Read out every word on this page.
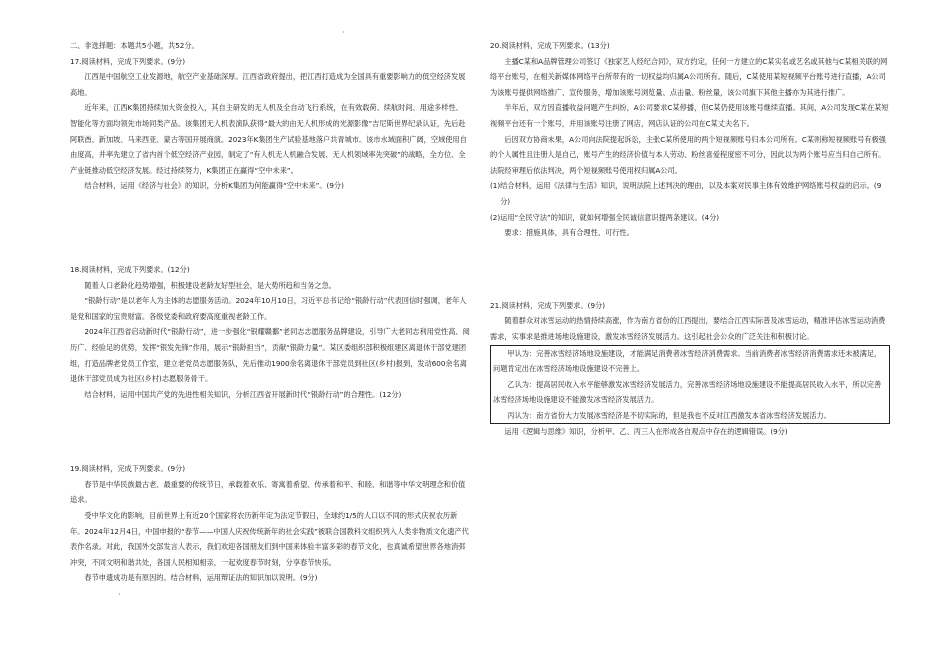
·
·

二、非选择题：本题共5小题，共52分。

17.阅读材料，完成下列要求。(9分)

江西是中国航空工业发源地，航空产业基础深厚。江西省政府提出，把江西打造成为全国具有重要影响力的低空经济发展高地。

近年来，江西K集团持续加大资金投入，其自主研发的无人机及全自动飞行系统，在有效载荷、续航时间、用途多样性、智能化等方面均领先市场同类产品。该集团无人机表演队获得“最大的由无人机形成的光源影像”吉尼斯世界纪录认证，先后赴阿联酋、新加坡、马来西亚、蒙古等国开展商演。2023年K集团生产试验基地落户共青城市。该市水域面积广阔，空域使用自由度高，并率先建立了省内首个低空经济产业园，制定了“有人机无人机融合发展、无人机领域率先突破”的战略，全方位、全产业链推动低空经济发展。经过持续努力，K集团正在赢得“空中未来”。

结合材料，运用《经济与社会》的知识，分析K集团为何能赢得“空中未来”。(9分)

18.阅读材料，完成下列要求。(12分)

随着人口老龄化趋势增强，积极建设老龄友好型社会，是大势所趋和当务之急。

“银龄行动”是以老年人为主体的志愿服务活动。2024年10月10日，习近平总书记给“银龄行动”代表回信时强调，老年人是党和国家的宝贵财富。各级党委和政府要高度重视老龄工作。

2024年江西省启动新时代“银龄行动”，进一步强化“银耀赣鄱”老同志志愿服务品牌建设，引导广大老同志利用党性高、阅历广、经验足的优势，发挥“银发先锋”作用，展示“银龄担当”，贡献“银龄力量”。某区委组织部积极组建区离退休干部党建团组，打造品牌老党员工作室，建立老党员志愿服务队，先后推动1900余名离退休干部党员到社区(乡村)报到，发动600余名离退休干部党员成为社区(乡村)志愿服务骨干。

结合材料，运用中国共产党的先进性相关知识，分析江西省开展新时代“银龄行动”的合理性。(12分)

19.阅读材料，完成下列要求。(9分)

春节是中华民族最古老、最重要的传统节日，承载着欢乐、寄寓着希望、传承着和平、和睦、和谐等中华文明理念和价值追求。

受中华文化的影响，目前世界上有近20个国家将农历新年定为法定节假日，全球约1/5的人口以不同的形式庆祝农历新年。2024年12月4日，中国申报的“春节——中国人庆祝传统新年的社会实践”被联合国教科文组织列入人类非物质文化遗产代表作名录。对此，我国外交部发言人表示，我们欢迎各国朋友们到中国来体验丰富多彩的春节文化，也真诚希望世界各地消弭冲突，不同文明和谐共处，各国人民相知相亲，一起欢度春节时刻，分享春节快乐。

春节申遗成功是有原因的。结合材料，运用辩证法的知识加以说明。(9分)

20.阅读材料，完成下列要求。(13分)

主播C某和A品牌管理公司签订《独家艺人经纪合同》，双方约定，任何一方建立的C某实名或艺名或其他与C某相关联的网络平台账号，在相关新媒体网络平台所带有的一切权益均归属A公司所有。随后，C某使用某短视频平台账号进行直播，A公司为该账号提供网络推广、宣传服务，增加该账号浏览量、点击量、粉丝量，该公司旗下其他主播亦为其进行推广。

半年后，双方因直播收益问题产生纠纷，A公司要求C某停播，但C某仍使用该账号继续直播。其间，A公司发现C某在某短视频平台还有一个账号，并用该账号注册了网店，网店认证的公司在C某丈夫名下。

后因双方协商未果，A公司向法院提起诉讼，主张C某所使用的两个短视频账号归本公司所有。C某则称短视频账号有极强的个人属性且注册人是自己，账号产生的经济价值与本人劳动、粉丝喜爱程度密不可分，因此以为两个账号应当归自己所有。法院经审理后依法判决，两个短视频账号使用权归属A公司。

(1)结合材料，运用《法律与生活》知识，说明法院上述判决的理由，以及本案对民事主体有效维护网络账号权益的启示。(9分)

(2)运用“全民守法”的知识，就如何增强全民诚信意识提两条建议。(4分)

要求：措施具体，具有合理性、可行性。

21.阅读材料，完成下列要求。(9分)

随着群众对冰雪运动的热情持续高涨，作为南方省份的江西提出，要结合江西实际普及冰雪运动，精准评估冰雪运动消费需求，实事求是推进场地设施建设，激发冰雪经济发展活力。这引起社会公众的广泛关注和积极讨论。

甲认为：完善冰雪经济场地设施建设，才能满足消费者冰雪经济消费需求。当前消费者冰雪经济消费需求还未被满足，问题肯定出在冰雪经济场地设施建设不完善上。

乙认为：提高居民收入水平能够激发冰雪经济发展活力，完善冰雪经济场地设施建设不能提高居民收入水平，所以完善冰雪经济场地设施建设不能激发冰雪经济发展活力。

丙认为：南方省份大力发展冰雪经济是不切实际的，但是我也不反对江西激发本省冰雪经济发展活力。

运用《逻辑与思维》知识，分析甲、乙、丙三人在形成各自观点中存在的逻辑错误。(9分)
